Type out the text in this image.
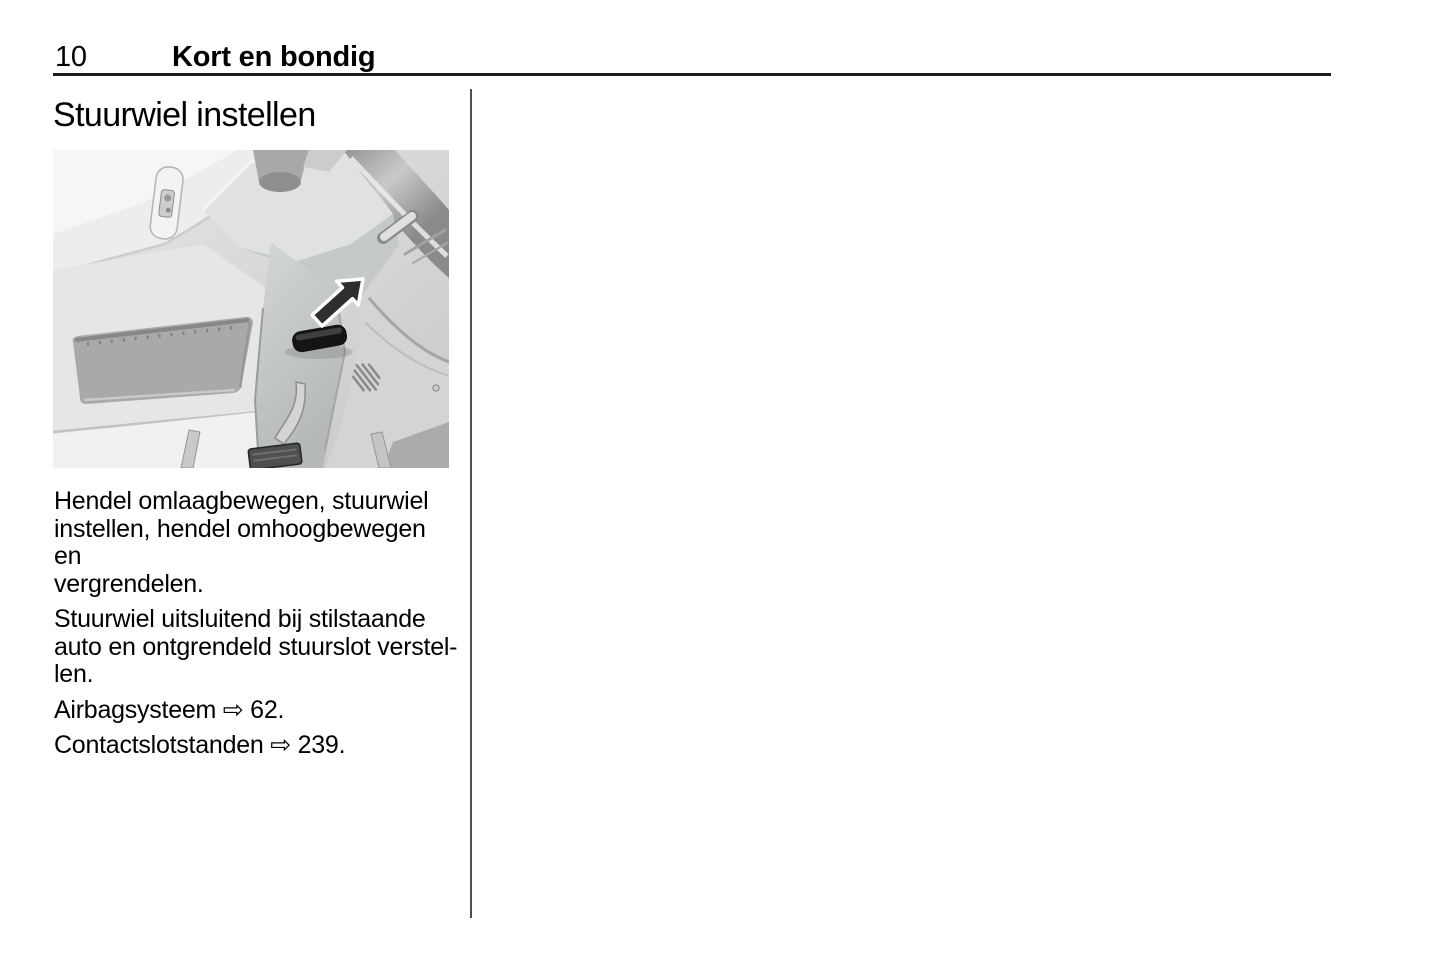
10	Kort en bondig
Stuurwiel instellen
Hendel omlaagbewegen, stuurwiel
instellen, hendel omhoogbewegen en
vergrendelen.
Stuurwiel uitsluitend bij stilstaande
auto en ontgrendeld stuurslot verstel-
len.
Airbagsysteem ⇨ 62.
Contactslotstanden ⇨ 239.
